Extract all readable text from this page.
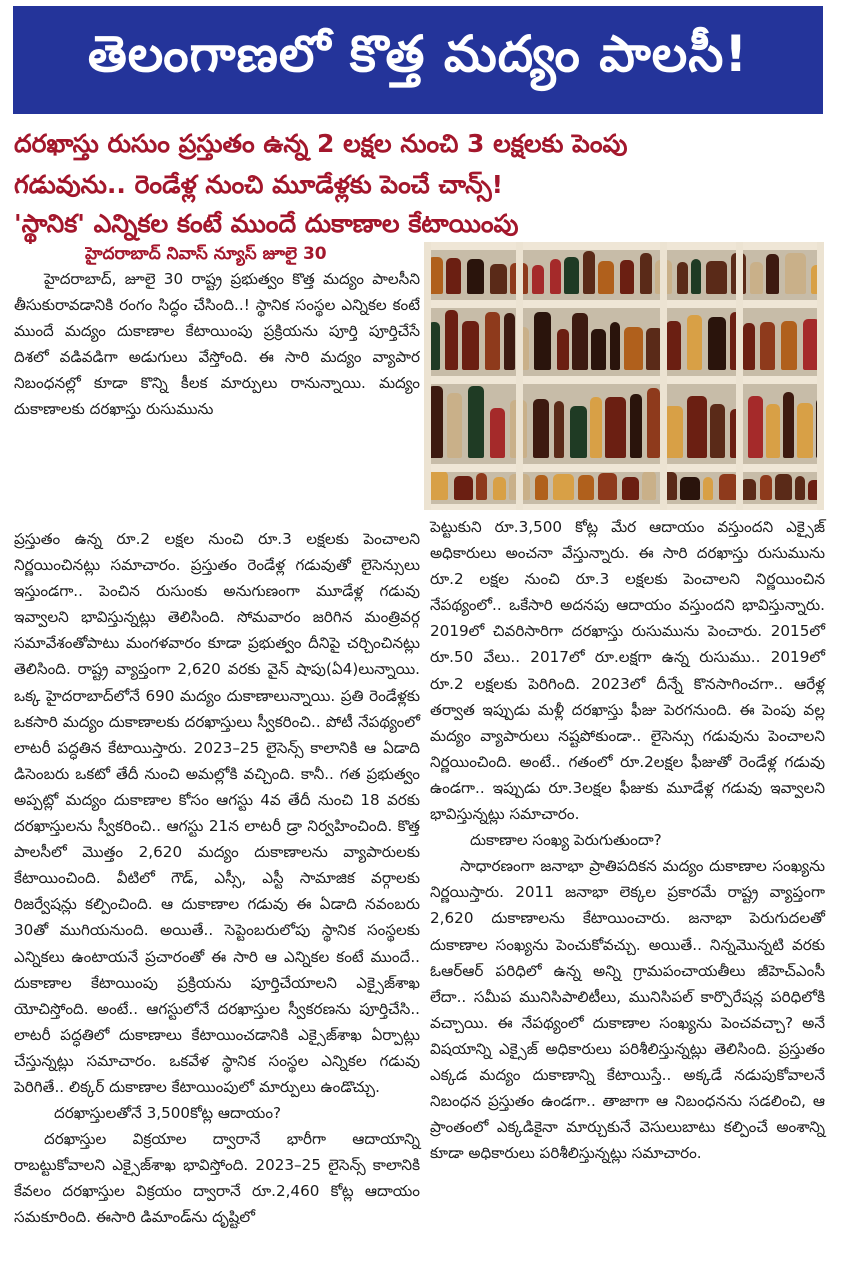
తెలంగాణలో కొత్త మద్యం పాలసీ!
దరఖాస్తు రుసుం ప్రస్తుతం ఉన్న 2 లక్షల నుంచి 3 లక్షలకు పెంపు
గడువును.. రెండేళ్ల నుంచి మూడేళ్లకు పెంచే చాన్స్!
'స్థానిక' ఎన్నికల కంటే ముందే దుకాణాల కేటాయింపు
హైదరాబాద్ నివాస్ న్యూస్ జూలై 30

హైదరాబాద్, జూలై 30 రాష్ట్ర ప్రభుత్వం కొత్త మద్యం పాలసీని తీసుకురావడానికి రంగం సిద్ధం చేసింది..! స్థానిక సంస్థల ఎన్నికల కంటే ముందే మద్యం దుకాణాల కేటాయింపు ప్రక్రియను పూర్తి పూర్తిచేసే దిశలో వడివడిగా అడుగులు వేస్తోంది. ఈ సారి మద్యం వ్యాపార నిబంధనల్లో కూడా కొన్ని కీలక మార్పులు రానున్నాయి. మద్యం దుకాణాలకు దరఖాస్తు రుసుమును

ప్రస్తుతం ఉన్న రూ.2 లక్షల నుంచి రూ.3 లక్షలకు పెంచాలని నిర్ణయించినట్లు సమాచారం. ప్రస్తుతం రెండేళ్ల గడువుతో లైసెన్సులు ఇస్తుండగా.. పెంచిన రుసుంకు అనుగుణంగా మూడేళ్ల గడువు ఇవ్వాలని భావిస్తున్నట్లు తెలిసింది. సోమవారం జరిగిన మంత్రివర్గ సమావేశంతోపాటు మంగళవారం కూడా ప్రభుత్వం దీనిపై చర్చించినట్లు తెలిసింది. రాష్ట్ర వ్యాప్తంగా 2,620 వరకు వైన్ షాపు(ఏ4)లున్నాయి. ఒక్క హైదరాబాద్‌లోనే 690 మద్యం దుకాణాలున్నాయి. ప్రతి రెండేళ్లకు ఒకసారి మద్యం దుకాణాలకు దరఖాస్తులు స్వీకరించి.. పోటీ నేపథ్యంలో లాటరీ పద్ధతిన కేటాయిస్తారు. 2023–25 లైసెన్స్ కాలానికి ఆ ఏడాది డిసెంబరు ఒకటో తేదీ నుంచి అమల్లోకి వచ్చింది. కానీ.. గత ప్రభుత్వం అప్పట్లో మద్యం దుకాణాల కోసం ఆగస్టు 4వ తేదీ నుంచి 18 వరకు దరఖాస్తులను స్వీకరించి.. ఆగస్టు 21న లాటరీ డ్రా నిర్వహించింది. కొత్త పాలసీలో మొత్తం 2,620 మద్యం దుకాణాలను వ్యాపారులకు కేటాయించింది. వీటిలో గౌడ్, ఎస్సీ, ఎస్టీ సామాజిక వర్గాలకు రిజర్వేషన్లు కల్పించింది. ఆ దుకాణాల గడువు ఈ ఏడాది నవంబరు 30తో ముగియనుంది. అయితే.. సెప్టెంబరులోపు స్థానిక సంస్థలకు ఎన్నికలు ఉంటాయనే ప్రచారంతో ఈ సారి ఆ ఎన్నికల కంటే ముందే.. దుకాణాల కేటాయింపు ప్రక్రియను పూర్తిచేయాలని ఎక్సైజ్‌శాఖ యోచిస్తోంది. అంటే.. ఆగస్టులోనే దరఖాస్తుల స్వీకరణను పూర్తిచేసి.. లాటరీ పద్ధతిలో దుకాణాలు కేటాయించడానికి ఎక్సైజ్‌శాఖ ఏర్పాట్లు చేస్తున్నట్లు సమాచారం. ఒకవేళ స్థానిక సంస్థల ఎన్నికల గడువు పెరిగితే.. లిక్కర్ దుకాణాల కేటాయింపులో మార్పులు ఉండొచ్చు.

దరఖాస్తులతోనే 3,500కోట్ల ఆదాయం?

దరఖాస్తుల విక్రయాల ద్వారానే భారీగా ఆదాయాన్ని రాబట్టుకోవాలని ఎక్సైజ్‌శాఖ భావిస్తోంది. 2023–25 లైసెన్స్ కాలానికి కేవలం దరఖాస్తుల విక్రయం ద్వారానే రూ.2,460 కోట్ల ఆదాయం సమకూరింది. ఈసారి డిమాండ్‌ను దృష్టిలో

పెట్టుకుని రూ.3,500 కోట్ల మేర ఆదాయం వస్తుందని ఎక్సైజ్ అధికారులు అంచనా వేస్తున్నారు. ఈ సారి దరఖాస్తు రుసుమును రూ.2 లక్షల నుంచి రూ.3 లక్షలకు పెంచాలని నిర్ణయించిన నేపథ్యంలో.. ఒకేసారి అదనపు ఆదాయం వస్తుందని భావిస్తున్నారు. 2019లో చివరిసారిగా దరఖాస్తు రుసుమును పెంచారు. 2015లో రూ.50 వేలు.. 2017లో రూ.లక్షగా ఉన్న రుసుము.. 2019లో రూ.2 లక్షలకు పెరిగింది. 2023లో దీన్నే కొనసాగించగా.. ఆరేళ్ల తర్వాత ఇప్పుడు మళ్లీ దరఖాస్తు ఫీజు పెరగనుంది. ఈ పెంపు వల్ల మద్యం వ్యాపారులు నష్టపోకుండా.. లైసెన్సు గడువును పెంచాలని నిర్ణయించింది. అంటే.. గతంలో రూ.2లక్షల ఫీజుతో రెండేళ్ల గడువు ఉండగా.. ఇప్పుడు రూ.3లక్షల ఫీజుకు మూడేళ్ల గడువు ఇవ్వాలని భావిస్తున్నట్లు సమాచారం.

దుకాణాల సంఖ్య పెరుగుతుందా?

సాధారణంగా జనాభా ప్రాతిపదికన మద్యం దుకాణాల సంఖ్యను నిర్ణయిస్తారు. 2011 జనాభా లెక్కల ప్రకారమే రాష్ట్ర వ్యాప్తంగా 2,620 దుకాణాలను కేటాయించారు. జనాభా పెరుగుదలతో దుకాణాల సంఖ్యను పెంచుకోవచ్చు. అయితే.. నిన్నమొన్నటి వరకు ఓఆర్ఆర్ పరిధిలో ఉన్న అన్ని గ్రామపంచాయతీలు జీహెచ్ఎంసీ లేదా.. సమీప మునిసిపాలిటీలు, మునిసిపల్ కార్పొరేషన్ల పరిధిలోకి వచ్చాయి. ఈ నేపథ్యంలో దుకాణాల సంఖ్యను పెంచవచ్చా? అనే విషయాన్ని ఎక్సైజ్ అధికారులు పరిశీలిస్తున్నట్లు తెలిసింది. ప్రస్తుతం ఎక్కడ మద్యం దుకాణాన్ని కేటాయిస్తే.. అక్కడే నడుపుకోవాలనే నిబంధన ప్రస్తుతం ఉండగా.. తాజాగా ఆ నిబంధనను సడలించి, ఆ ప్రాంతంలో ఎక్కడికైనా మార్చుకునే వెసులుబాటు కల్పించే అంశాన్ని కూడా అధికారులు పరిశీలిస్తున్నట్లు సమాచారం.
